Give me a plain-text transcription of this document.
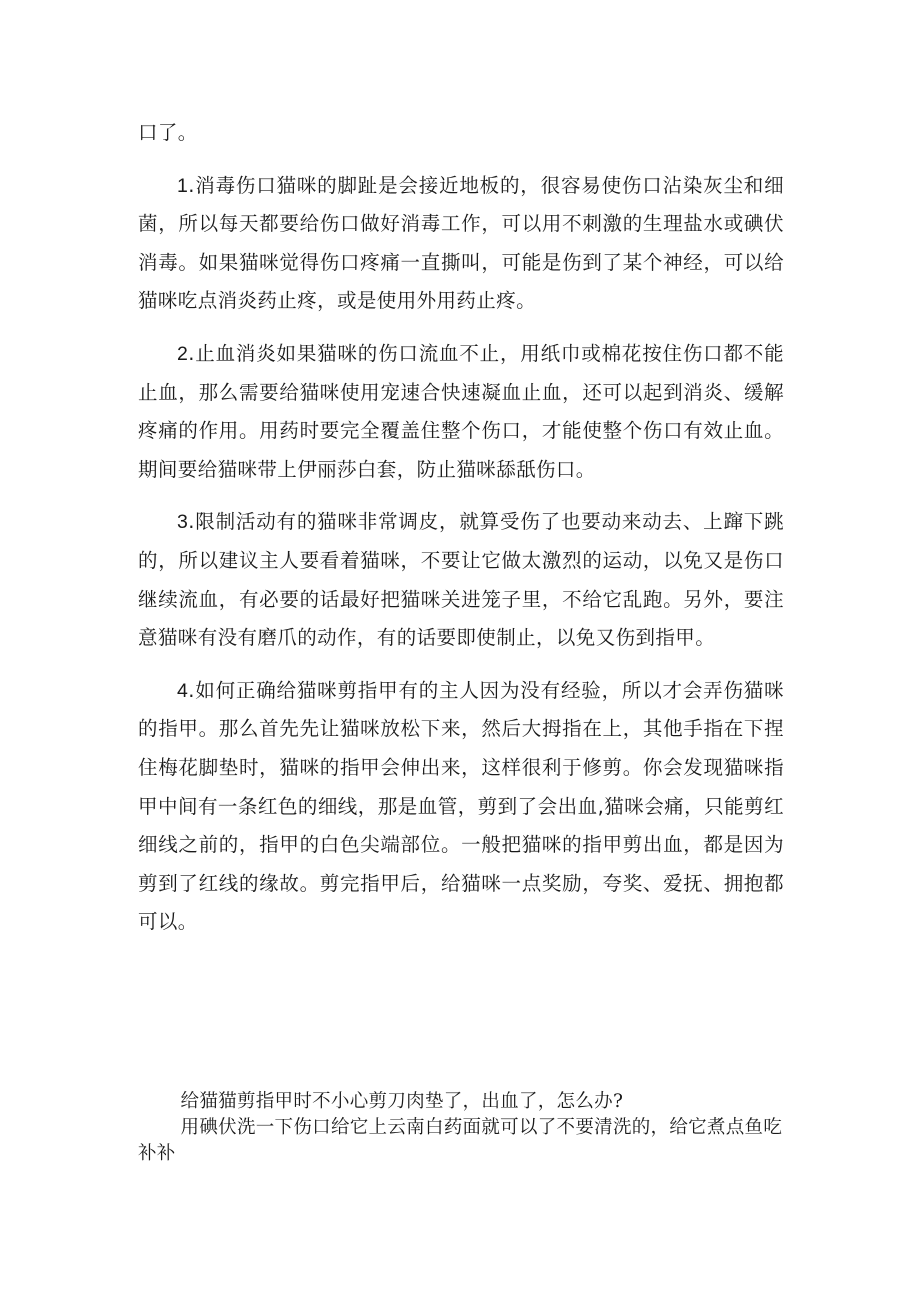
口了。

1.消毒伤口猫咪的脚趾是会接近地板的，很容易使伤口沾染灰尘和细菌，所以每天都要给伤口做好消毒工作，可以用不刺激的生理盐水或碘伏消毒。如果猫咪觉得伤口疼痛一直撕叫，可能是伤到了某个神经，可以给猫咪吃点消炎药止疼，或是使用外用药止疼。

2.止血消炎如果猫咪的伤口流血不止，用纸巾或棉花按住伤口都不能止血，那么需要给猫咪使用宠速合快速凝血止血，还可以起到消炎、缓解疼痛的作用。用药时要完全覆盖住整个伤口，才能使整个伤口有效止血。期间要给猫咪带上伊丽莎白套，防止猫咪舔舐伤口。

3.限制活动有的猫咪非常调皮，就算受伤了也要动来动去、上蹿下跳的，所以建议主人要看着猫咪，不要让它做太激烈的运动，以免又是伤口继续流血，有必要的话最好把猫咪关进笼子里，不给它乱跑。另外，要注意猫咪有没有磨爪的动作，有的话要即使制止，以免又伤到指甲。

4.如何正确给猫咪剪指甲有的主人因为没有经验，所以才会弄伤猫咪的指甲。那么首先先让猫咪放松下来，然后大拇指在上，其他手指在下捏住梅花脚垫时，猫咪的指甲会伸出来，这样很利于修剪。你会发现猫咪指甲中间有一条红色的细线，那是血管，剪到了会出血,猫咪会痛，只能剪红细线之前的，指甲的白色尖端部位。一般把猫咪的指甲剪出血，都是因为剪到了红线的缘故。剪完指甲后，给猫咪一点奖励，夸奖、爱抚、拥抱都可以。

给猫猫剪指甲时不小心剪刀肉垫了，出血了，怎么办?

用碘伏洗一下伤口给它上云南白药面就可以了不要清洗的，给它煮点鱼吃补补
